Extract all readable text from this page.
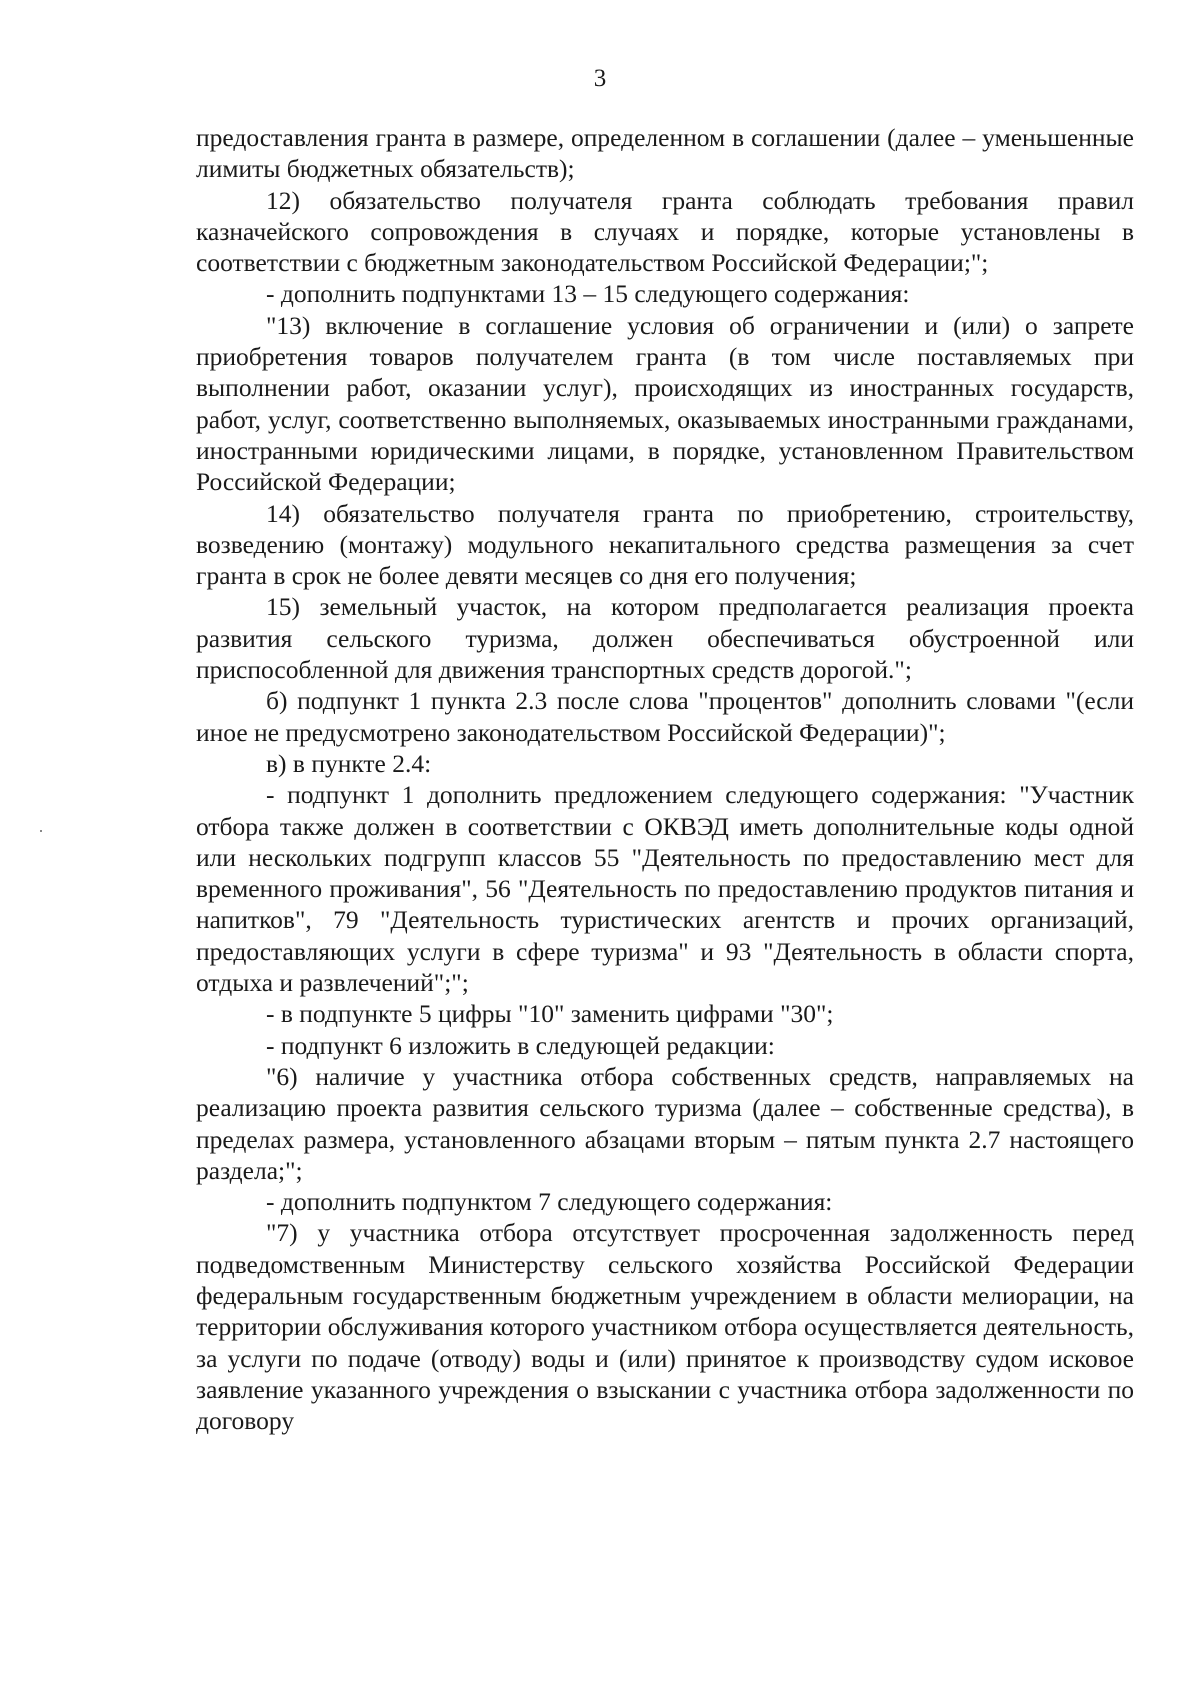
3

предоставления гранта в размере, определенном в соглашении (далее – уменьшенные лимиты бюджетных обязательств);

12) обязательство получателя гранта соблюдать требования правил казначейского сопровождения в случаях и порядке, которые установлены в соответствии с бюджетным законодательством Российской Федерации;";

- дополнить подпунктами 13 – 15 следующего содержания:

"13) включение в соглашение условия об ограничении и (или) о запрете приобретения товаров получателем гранта (в том числе поставляемых при выполнении работ, оказании услуг), происходящих из иностранных государств, работ, услуг, соответственно выполняемых, оказываемых иностранными гражданами, иностранными юридическими лицами, в порядке, установленном Правительством Российской Федерации;

14) обязательство получателя гранта по приобретению, строительству, возведению (монтажу) модульного некапитального средства размещения за счет гранта в срок не более девяти месяцев со дня его получения;

15) земельный участок, на котором предполагается реализация проекта развития сельского туризма, должен обеспечиваться обустроенной или приспособленной для движения транспортных средств дорогой.";

б) подпункт 1 пункта 2.3 после слова "процентов" дополнить словами "(если иное не предусмотрено законодательством Российской Федерации)";

в) в пункте 2.4:

- подпункт 1 дополнить предложением следующего содержания: "Участник отбора также должен в соответствии с ОКВЭД иметь дополнительные коды одной или нескольких подгрупп классов 55 "Деятельность по предоставлению мест для временного проживания", 56 "Деятельность по предоставлению продуктов питания и напитков", 79 "Деятельность туристических агентств и прочих организаций, предоставляющих услуги в сфере туризма" и 93 "Деятельность в области спорта, отдыха и развлечений";";

- в подпункте 5 цифры "10" заменить цифрами "30";

- подпункт 6 изложить в следующей редакции:

"6) наличие у участника отбора собственных средств, направляемых на реализацию проекта развития сельского туризма (далее – собственные средства), в пределах размера, установленного абзацами вторым – пятым пункта 2.7 настоящего раздела;";

- дополнить подпунктом 7 следующего содержания:

"7) у участника отбора отсутствует просроченная задолженность перед подведомственным Министерству сельского хозяйства Российской Федерации федеральным государственным бюджетным учреждением в области мелиорации, на территории обслуживания которого участником отбора осуществляется деятельность, за услуги по подаче (отводу) воды и (или) принятое к производству судом исковое заявление указанного учреждения о взыскании с участника отбора задолженности по договору
